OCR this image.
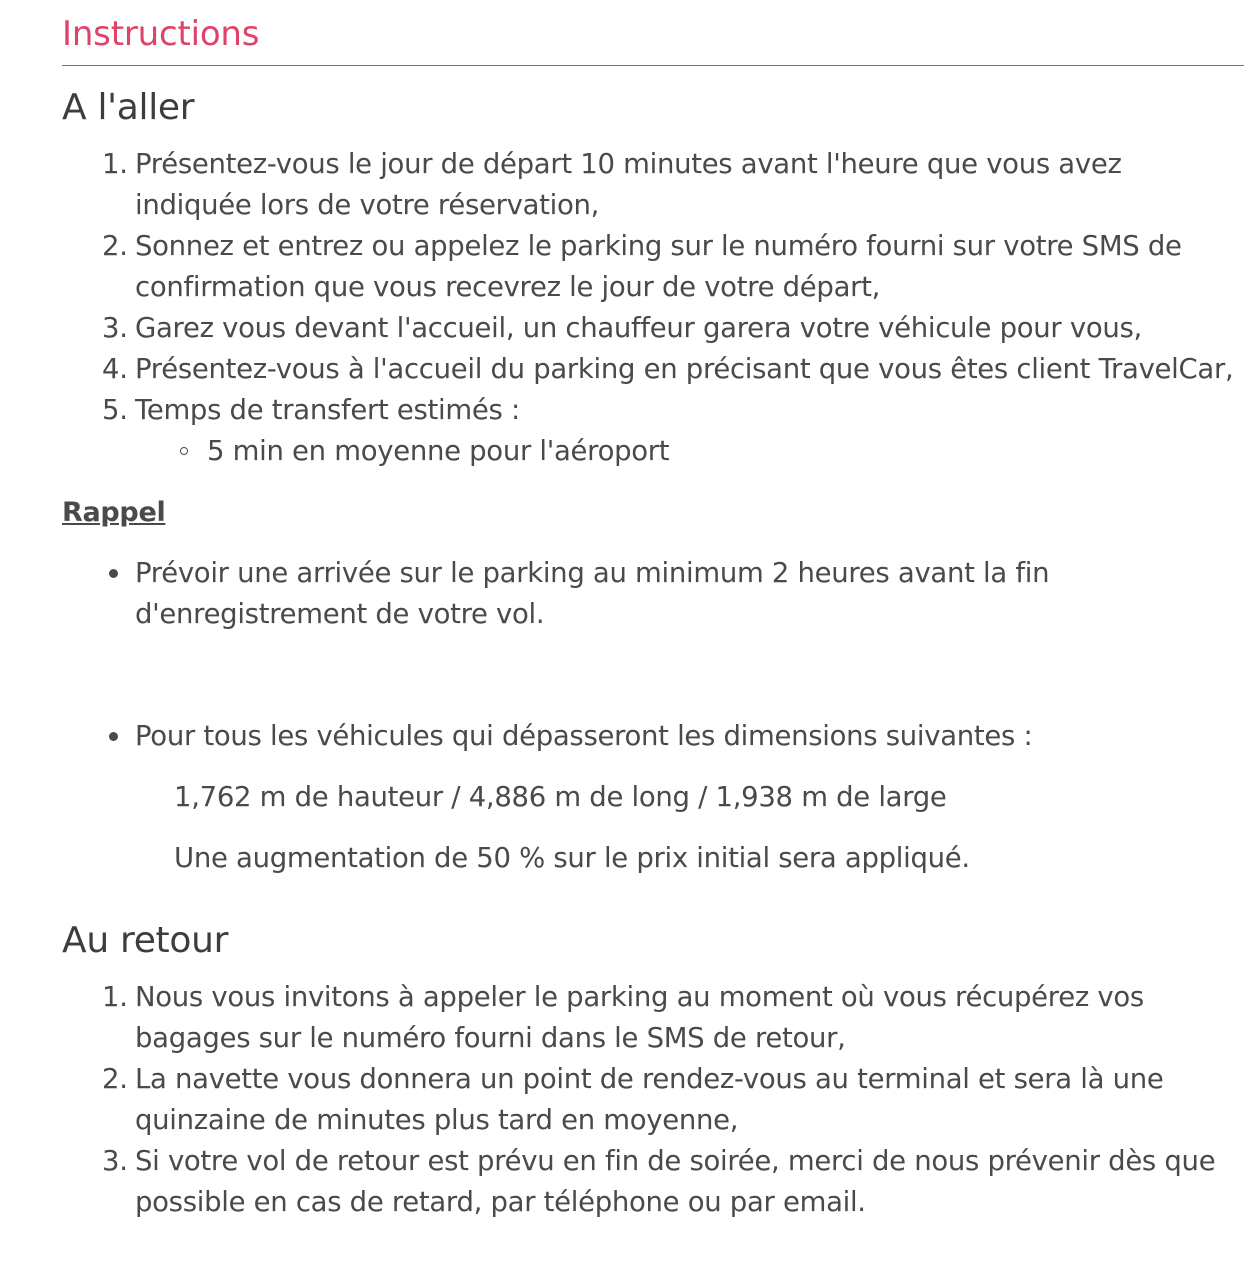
Instructions
A l'aller
1. Présentez-vous le jour de départ 10 minutes avant l'heure que vous avez indiquée lors de votre réservation,
2. Sonnez et entrez ou appelez le parking sur le numéro fourni sur votre SMS de confirmation que vous recevrez le jour de votre départ,
3. Garez vous devant l'accueil, un chauffeur garera votre véhicule pour vous,
4. Présentez-vous à l'accueil du parking en précisant que vous êtes client TravelCar,
5. Temps de transfert estimés :
5 min en moyenne pour l'aéroport
Rappel
Prévoir une arrivée sur le parking au minimum 2 heures avant la fin d'enregistrement de votre vol.
Pour tous les véhicules qui dépasseront les dimensions suivantes :

1,762 m de hauteur / 4,886 m de long / 1,938 m de large

Une augmentation de 50 % sur le prix initial sera appliqué.

Au retour
1. Nous vous invitons à appeler le parking au moment où vous récupérez vos bagages sur le numéro fourni dans le SMS de retour,
2. La navette vous donnera un point de rendez-vous au terminal et sera là une quinzaine de minutes plus tard en moyenne,
3. Si votre vol de retour est prévu en fin de soirée, merci de nous prévenir dès que possible en cas de retard, par téléphone ou par email.
